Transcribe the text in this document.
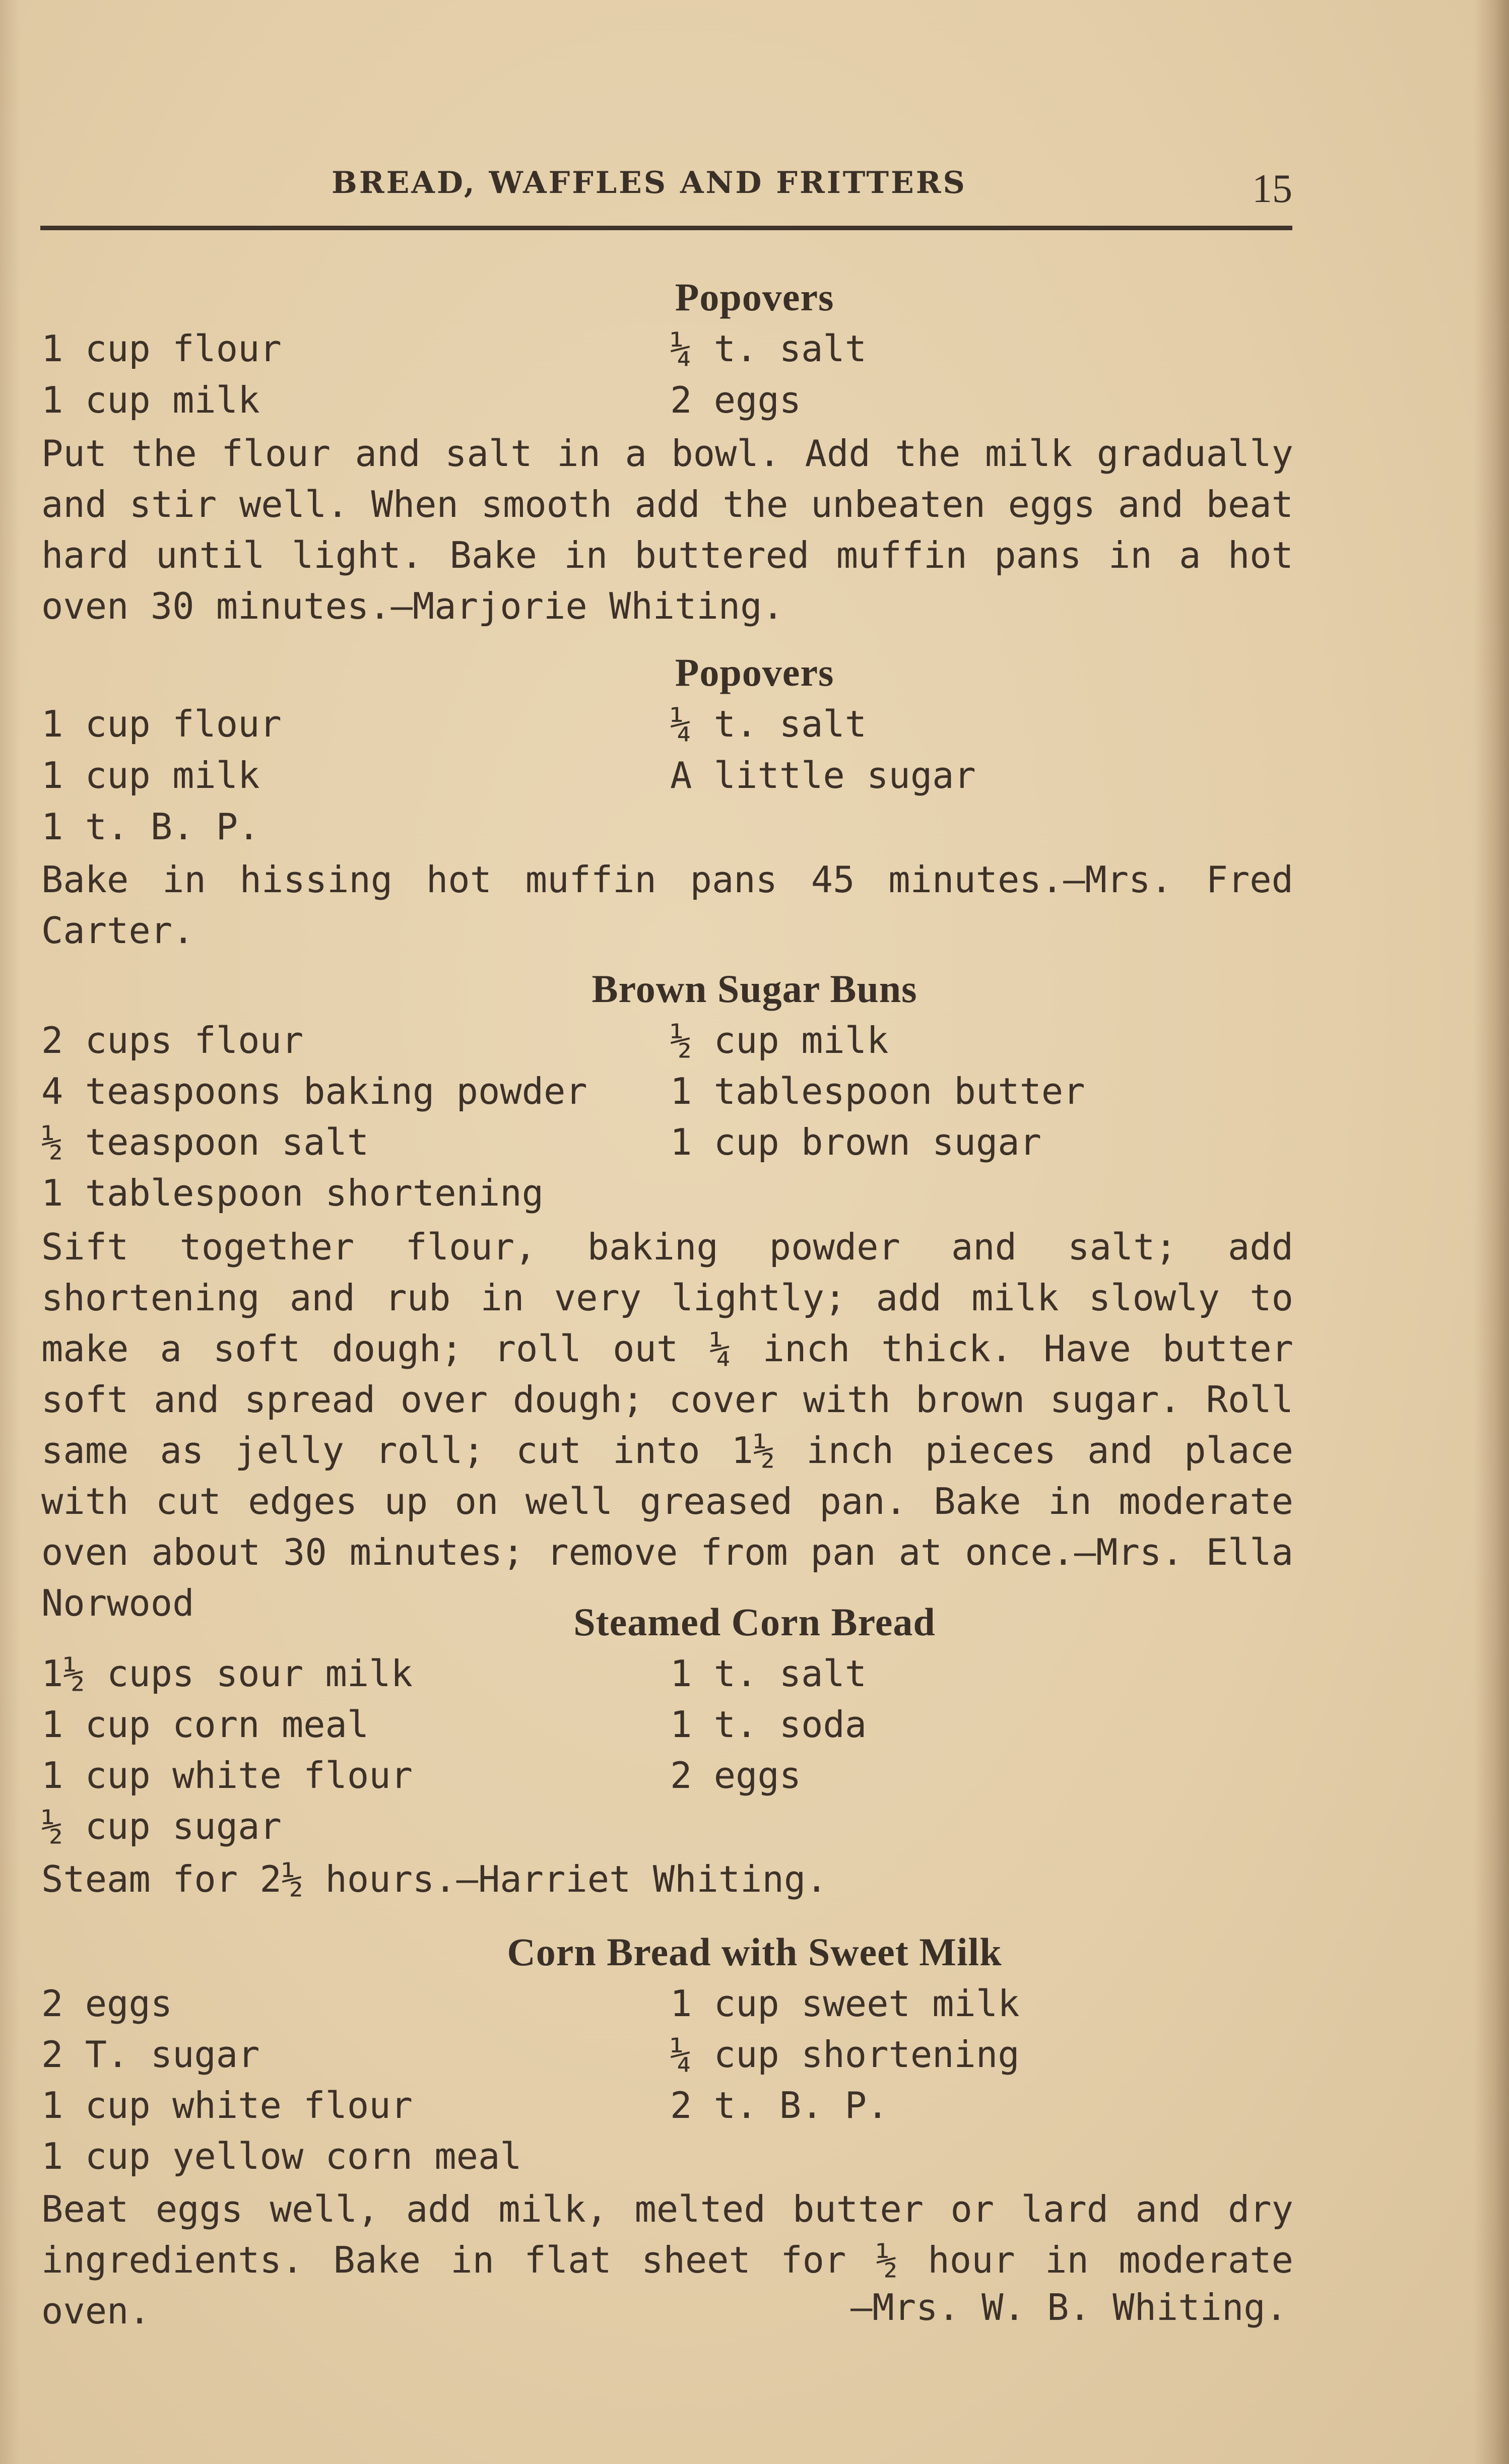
BREAD, WAFFLES AND FRITTERS	15
Popovers
1 cup flour	¼ t. salt
1 cup milk	2 eggs
Put the flour and salt in a bowl. Add the milk gradually and stir well. When smooth add the unbeaten eggs and beat hard until light. Bake in buttered muffin pans in a hot oven 30 minutes.—Marjorie Whiting.
Popovers
1 cup flour	¼ t. salt
1 cup milk	A little sugar
1 t. B. P.
Bake in hissing hot muffin pans 45 minutes.—Mrs. Fred Carter.
Brown Sugar Buns
2 cups flour	½ cup milk
4 teaspoons baking powder 1 tablespoon butter
½ teaspoon salt	1 cup brown sugar
1 tablespoon shortening
Sift together flour, baking powder and salt; add shortening and rub in very lightly; add milk slowly to make a soft dough; roll out ¼ inch thick. Have butter soft and spread over dough; cover with brown sugar. Roll same as jelly roll; cut into 1½ inch pieces and place with cut edges up on well greased pan. Bake in moderate oven about 30 minutes; remove from pan at once.—Mrs. Ella Norwood	Steamed Corn Bread
1½ cups sour milk	1 t. salt
1 cup corn meal	1 t. soda
1 cup white flour	2 eggs
½ cup sugar
Steam for 2½ hours.—Harriet Whiting.
Corn Bread with Sweet Milk
2 eggs	1 cup sweet milk
2 T. sugar	¼ cup shortening
1 cup white flour	2 t. B. P.
1 cup yellow corn meal
Beat eggs well, add milk, melted butter or lard and dry ingredients. Bake in flat sheet for ½ hour in moderate oven.	—Mrs. W. B. Whiting.
